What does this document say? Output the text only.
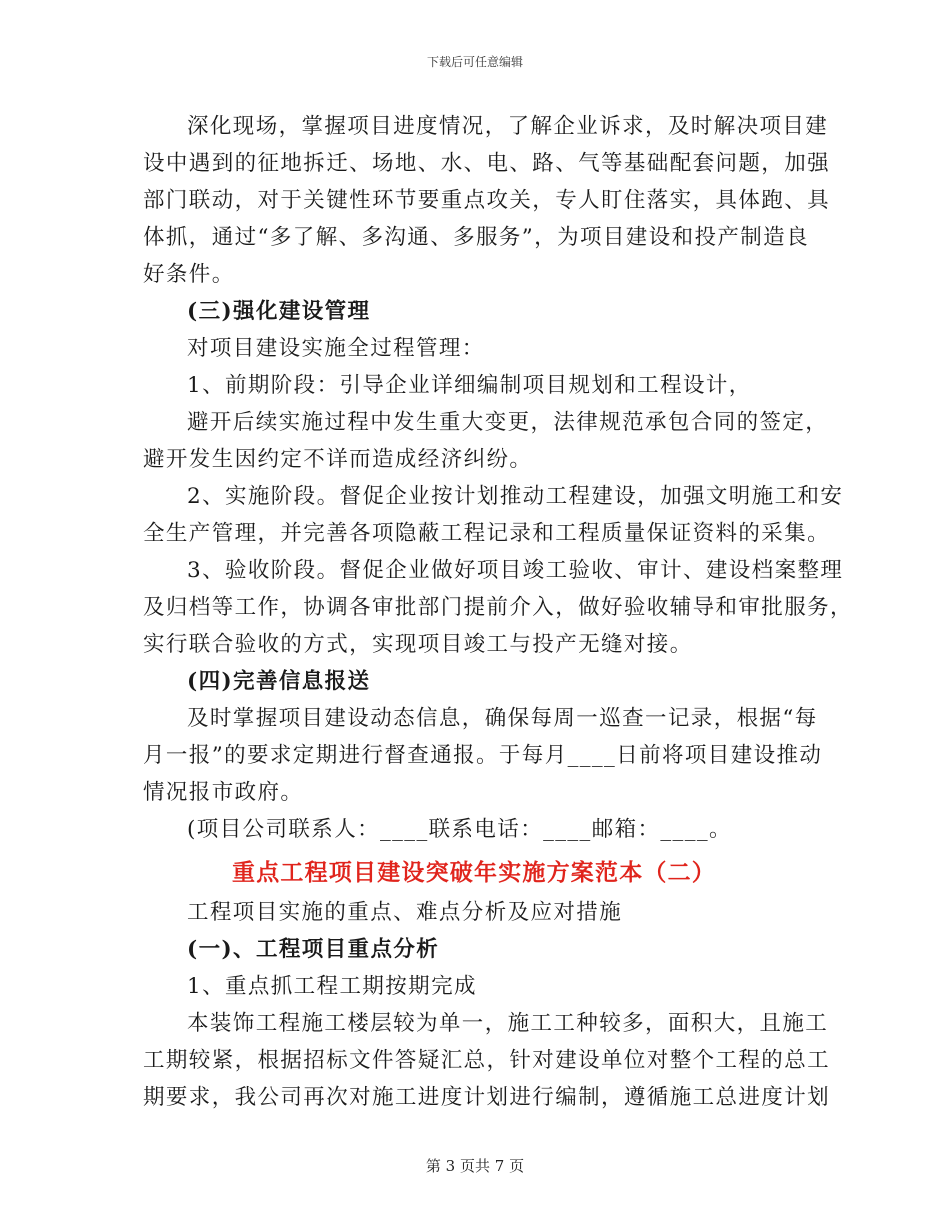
下载后可任意编辑
深化现场，掌握项目进度情况，了解企业诉求，及时解决项目建
设中遇到的征地拆迁、场地、水、电、路、气等基础配套问题，加强
部门联动，对于关键性环节要重点攻关，专人盯住落实，具体跑、具
体抓，通过“多了解、多沟通、多服务”，为项目建设和投产制造良
好条件。
(三)强化建设管理
对项目建设实施全过程管理：
1、前期阶段：引导企业详细编制项目规划和工程设计，
避开后续实施过程中发生重大变更，法律规范承包合同的签定，
避开发生因约定不详而造成经济纠纷。
2、实施阶段。督促企业按计划推动工程建设，加强文明施工和安
全生产管理，并完善各项隐蔽工程记录和工程质量保证资料的采集。
3、验收阶段。督促企业做好项目竣工验收、审计、建设档案整理
及归档等工作，协调各审批部门提前介入，做好验收辅导和审批服务，
实行联合验收的方式，实现项目竣工与投产无缝对接。
(四)完善信息报送
及时掌握项目建设动态信息，确保每周一巡查一记录，根据“每
月一报”的要求定期进行督查通报。于每月____日前将项目建设推动
情况报市政府。
(项目公司联系人：____联系电话：____邮箱：____。
重点工程项目建设突破年实施方案范本（二）
工程项目实施的重点、难点分析及应对措施
(一)、工程项目重点分析
1、重点抓工程工期按期完成
本装饰工程施工楼层较为单一，施工工种较多，面积大，且施工
工期较紧，根据招标文件答疑汇总，针对建设单位对整个工程的总工
期要求，我公司再次对施工进度计划进行编制，遵循施工总进度计划
第 3 页共 7 页
